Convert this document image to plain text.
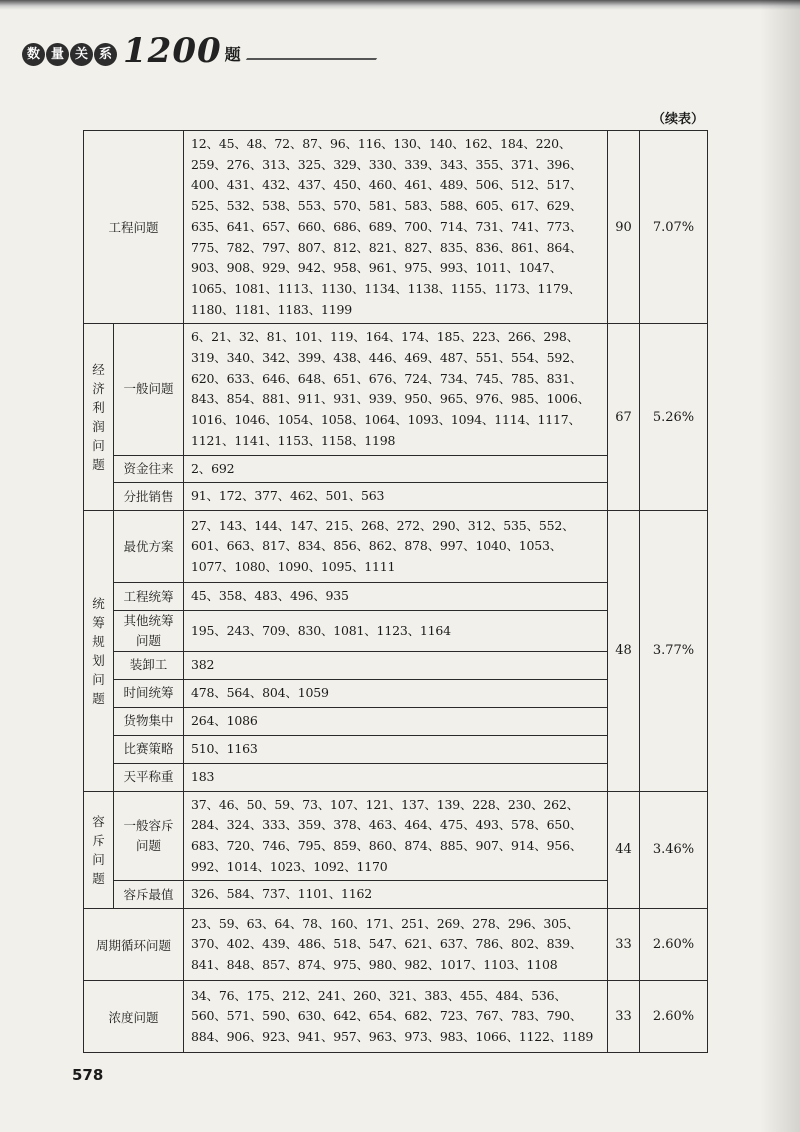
数 量 关 系 1200 题
（续表）
工程问题		12、45、48、72、87、96、116、130、140、162、184、220、259、276、313、325、329、330、339、343、355、371、396、400、431、432、437、450、460、461、489、506、512、517、525、532、538、553、570、581、583、588、605、617、629、635、641、657、660、686、689、700、714、731、741、773、775、782、797、807、812、821、827、835、836、861、864、903、908、929、942、958、961、975、993、1011、1047、1065、1081、1113、1130、1134、1138、1155、1173、1179、1180、1181、1183、1199	90	7.07%
经济利润问题	一般问题	6、21、32、81、101、119、164、174、185、223、266、298、319、340、342、399、438、446、469、487、551、554、592、620、633、646、648、651、676、724、734、745、785、831、843、854、881、911、931、939、950、965、976、985、1006、1016、1046、1054、1058、1064、1093、1094、1114、1117、1121、1141、1153、1158、1198	67	5.26%
	资金往来	2、692		
	分批销售	91、172、377、462、501、563		
统筹规划问题	最优方案	27、143、144、147、215、268、272、290、312、535、552、601、663、817、834、856、862、878、997、1040、1053、1077、1080、1090、1095、1111	48	3.77%
	工程统筹	45、358、483、496、935		
	其他统筹问题	195、243、709、830、1081、1123、1164		
	装卸工	382		
	时间统筹	478、564、804、1059		
	货物集中	264、1086		
	比赛策略	510、1163		
	天平称重	183		
容斥问题	一般容斥问题	37、46、50、59、73、107、121、137、139、228、230、262、284、324、333、359、378、463、464、475、493、578、650、683、720、746、795、859、860、874、885、907、914、956、992、1014、1023、1092、1170	44	3.46%
	容斥最值	326、584、737、1101、1162		
周期循环问题		23、59、63、64、78、160、171、251、269、278、296、305、370、402、439、486、518、547、621、637、786、802、839、841、848、857、874、975、980、982、1017、1103、1108	33	2.60%
浓度问题		34、76、175、212、241、260、321、383、455、484、536、560、571、590、630、642、654、682、723、767、783、790、884、906、923、941、957、963、973、983、1066、1122、1189	33	2.60%
578
